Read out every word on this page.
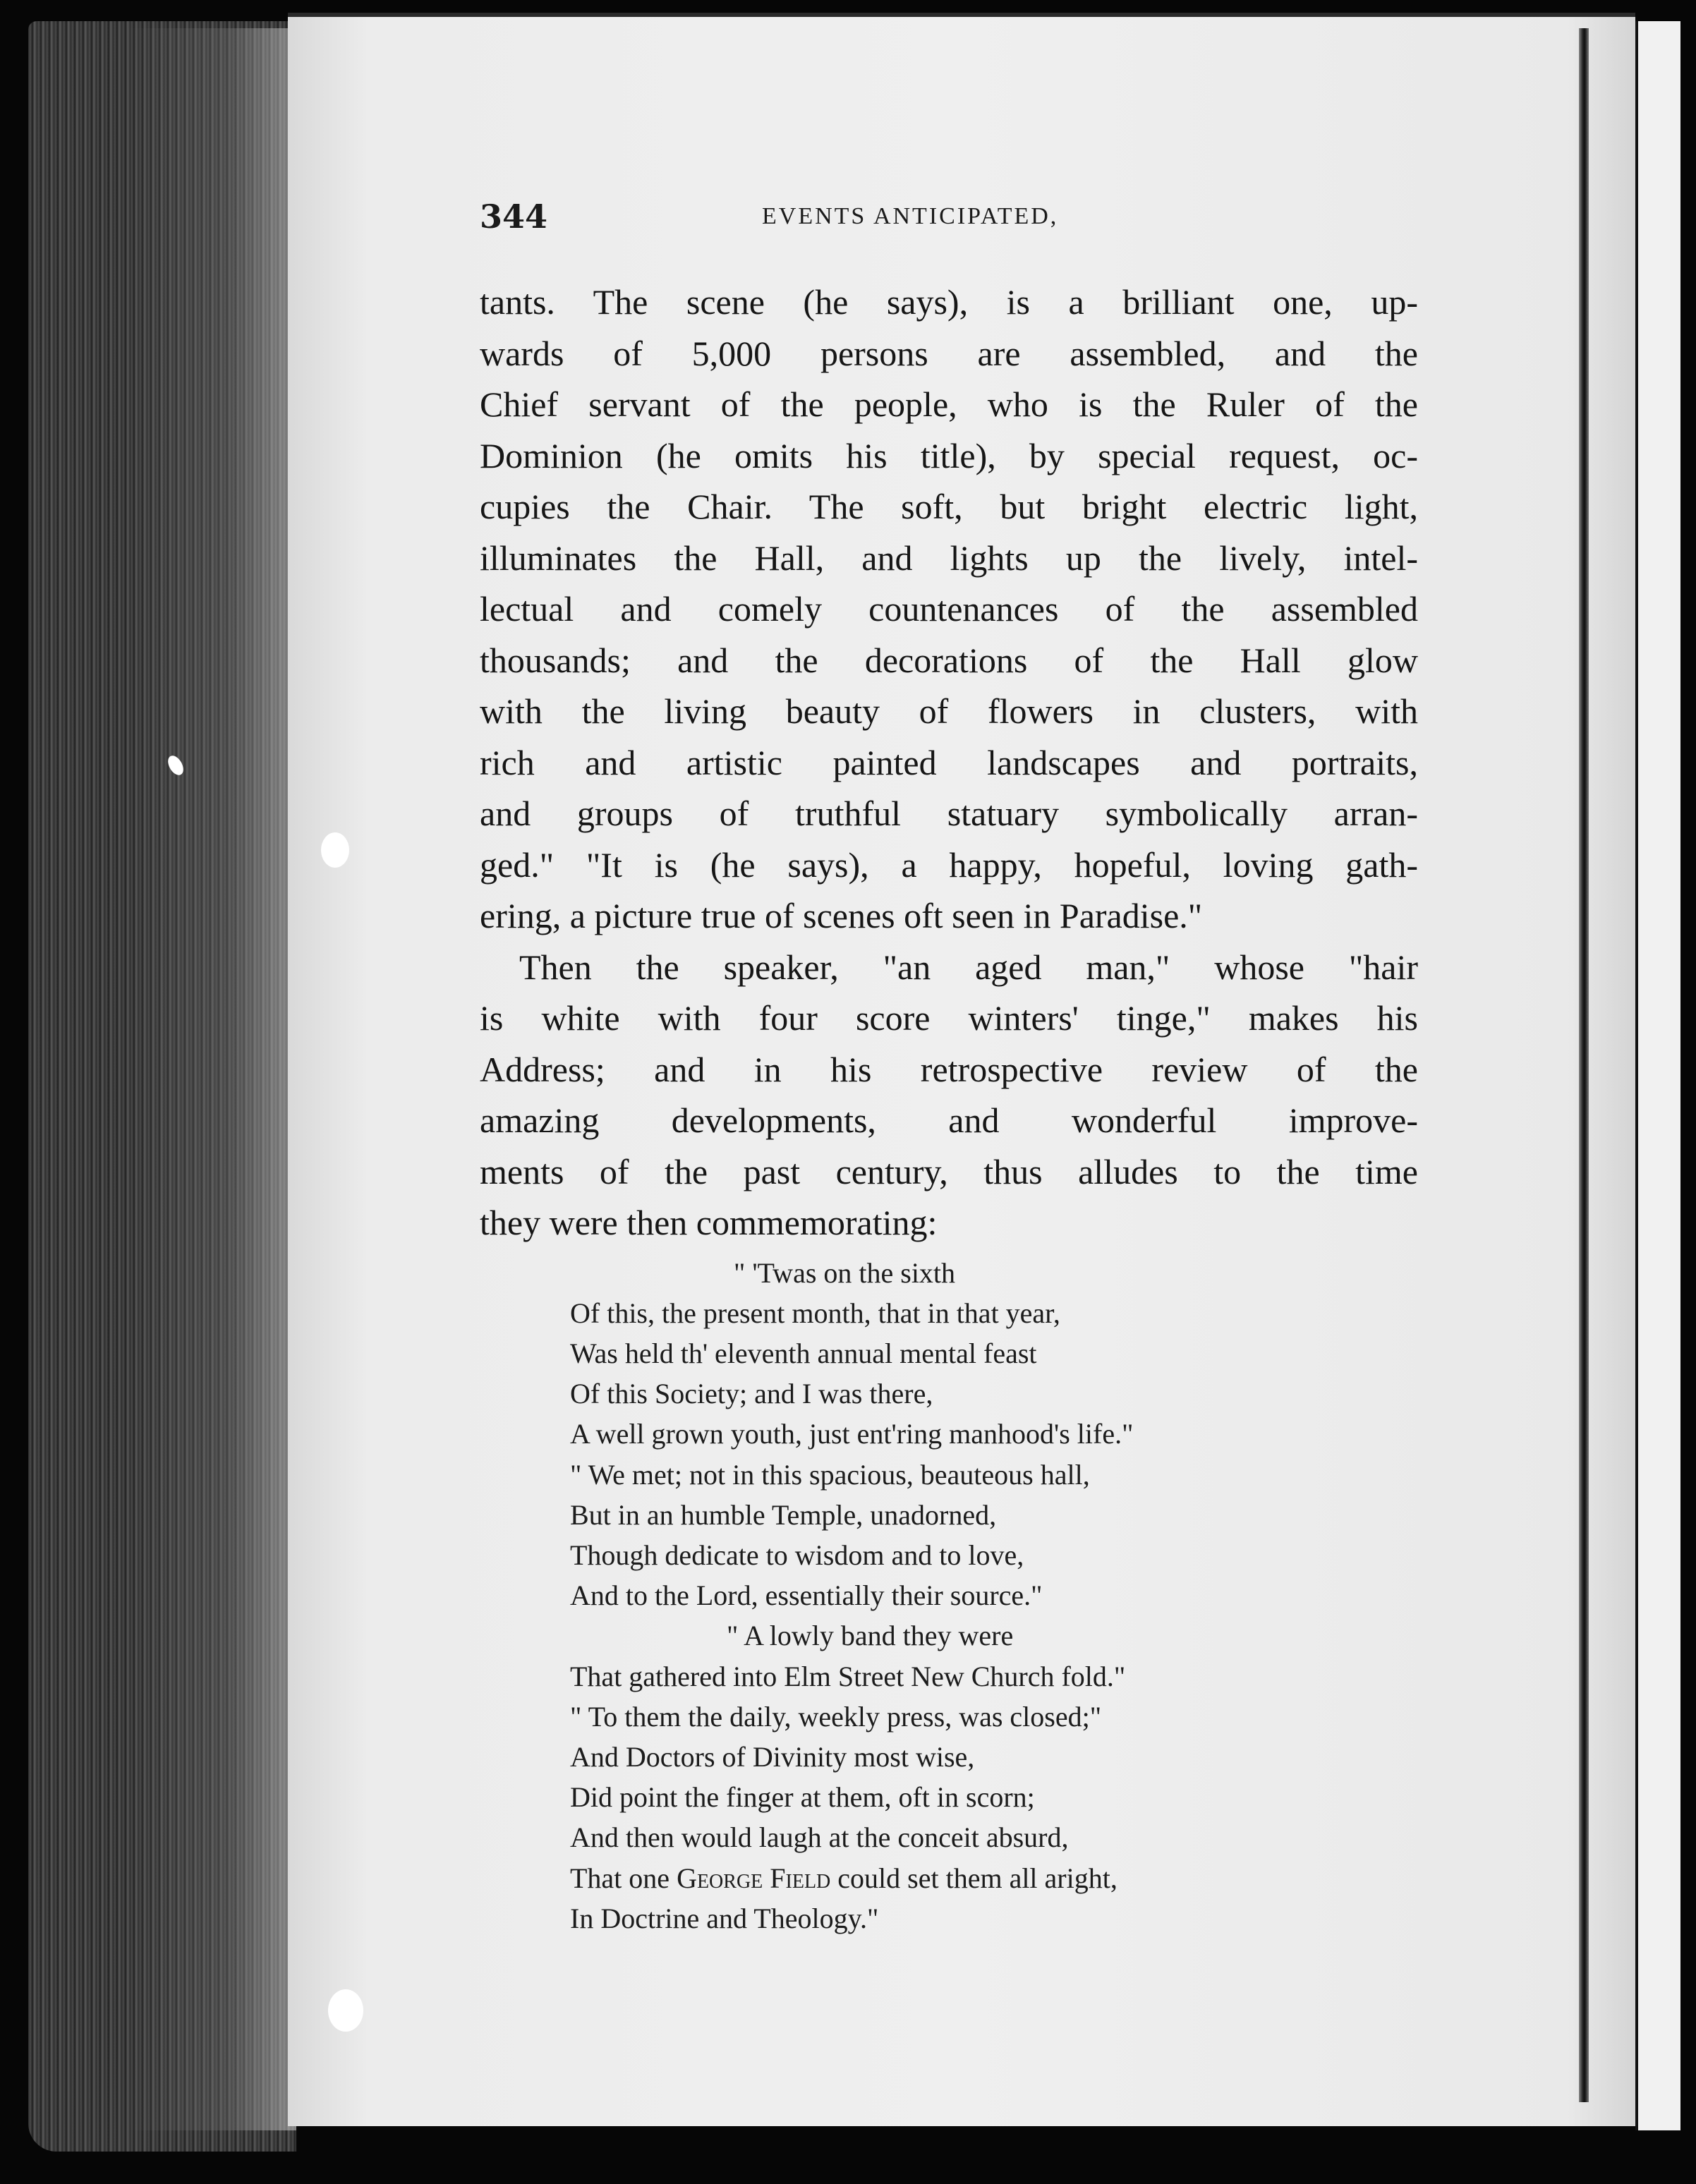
344	EVENTS ANTICIPATED,

tants. The scene (he says), is a brilliant one, up-

wards of 5,000 persons are assembled, and the

Chief servant of the people, who is the Ruler of the

Dominion (he omits his title), by special request, oc-

cupies the Chair. The soft, but bright electric light,

illuminates the Hall, and lights up the lively, intel-

lectual and comely countenances of the assembled

thousands; and the decorations of the Hall glow

with the living beauty of flowers in clusters, with

rich and artistic painted landscapes and portraits,

and groups of truthful statuary symbolically arran-

ged." "It is (he says), a happy, hopeful, loving gath-

ering, a picture true of scenes oft seen in Paradise."

Then the speaker, "an aged man," whose "hair

is white with four score winters' tinge," makes his

Address; and in his retrospective review of the

amazing developments, and wonderful improve-

ments of the past century, thus alludes to the time

they were then commemorating:

" 'Twas on the sixth
Of this, the present month, that in that year,
Was held th' eleventh annual mental feast
Of this Society; and I was there,
A well grown youth, just ent'ring manhood's life."
" We met; not in this spacious, beauteous hall,
But in an humble Temple, unadorned,
Though dedicate to wisdom and to love,
And to the Lord, essentially their source."
" A lowly band they were
That gathered into Elm Street New Church fold."
" To them the daily, weekly press, was closed;"
And Doctors of Divinity most wise,
Did point the finger at them, oft in scorn;
And then would laugh at the conceit absurd,
That one George Field could set them all aright,
In Doctrine and Theology."
